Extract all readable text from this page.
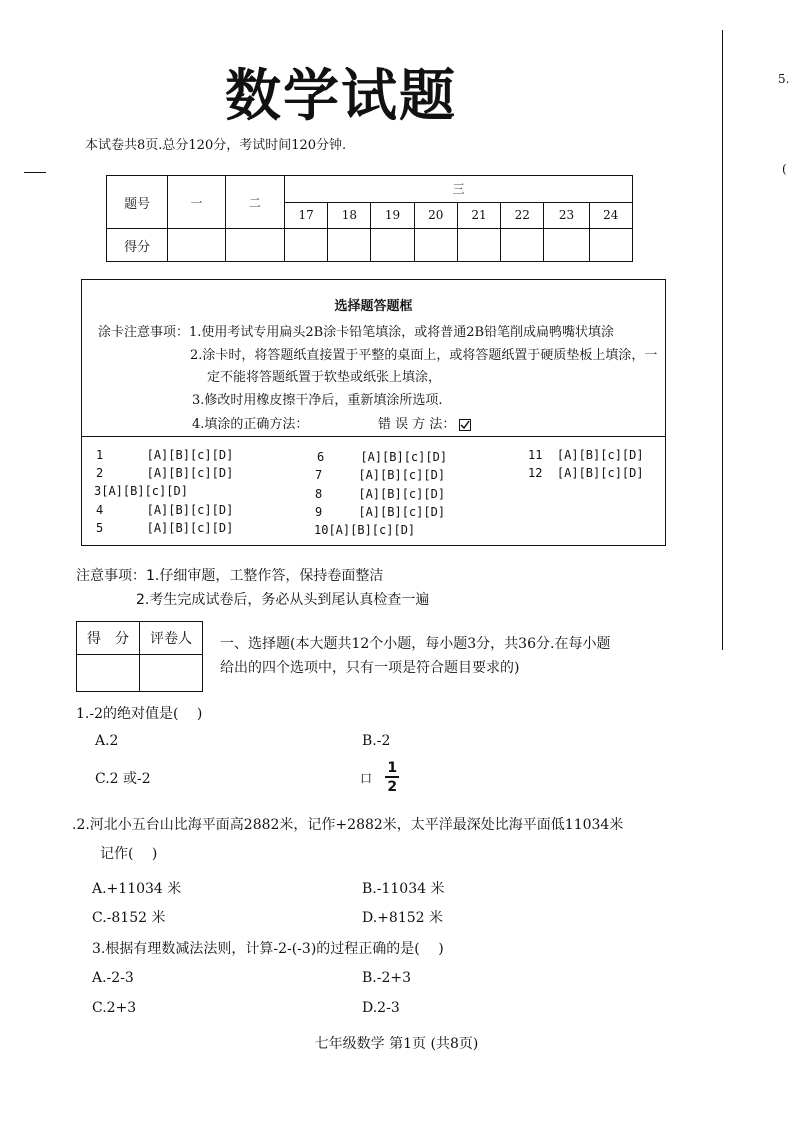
数学试题
本试卷共8页.总分120分，考试时间120分钟.
5.
(
题号	一	二	三							
			17	18	19	20	21	22	23	24
得分										
选择题答题框
涂卡注意事项：1.使用考试专用扁头2B涂卡铅笔填涂，或将普通2B铅笔削成扁鸭嘴状填涂
2.涂卡时，将答题纸直接置于平整的桌面上，或将答题纸置于硬质垫板上填涂，一
定不能将答题纸置于软垫或纸张上填涂，
3.修改时用橡皮擦干净后，重新填涂所选项.
4.填涂的正确方法：	错 误 方 法：
1	[A][B][c][D]
2	[A][B][c][D]
3[A][B][c][D]
4	[A][B][c][D]
5	[A][B][c][D]
6	[A][B][c][D]
7	[A][B][c][D]
8	[A][B][c][D]
9	[A][B][c][D]
10[A][B][c][D]
11 [A][B][c][D]
12 [A][B][c][D]
注意事项：1.仔细审题，工整作答，保持卷面整洁
2.考生完成试卷后，务必从头到尾认真检查一遍
得　分	评卷人
	一、选择题(本大题共12个小题，每小题3分，共36分.在每小题
给出的四个选项中，只有一项是符合题目要求的)
1.-2的绝对值是(　 )
A.2	B.-2
C.2 或-2	口 $\frac{1}{2}$
.2.河北小五台山比海平面高2882米，记作+2882米，太平洋最深处比海平面低11034米
记作(　 )
A.+11034 米	B.-11034 米
C.-8152 米	D.+8152 米
3.根据有理数减法法则，计算-2-(-3)的过程正确的是(　 )
A.-2-3	B.-2+3
C.2+3	D.2-3
七年级数学 第1页 (共8页)
